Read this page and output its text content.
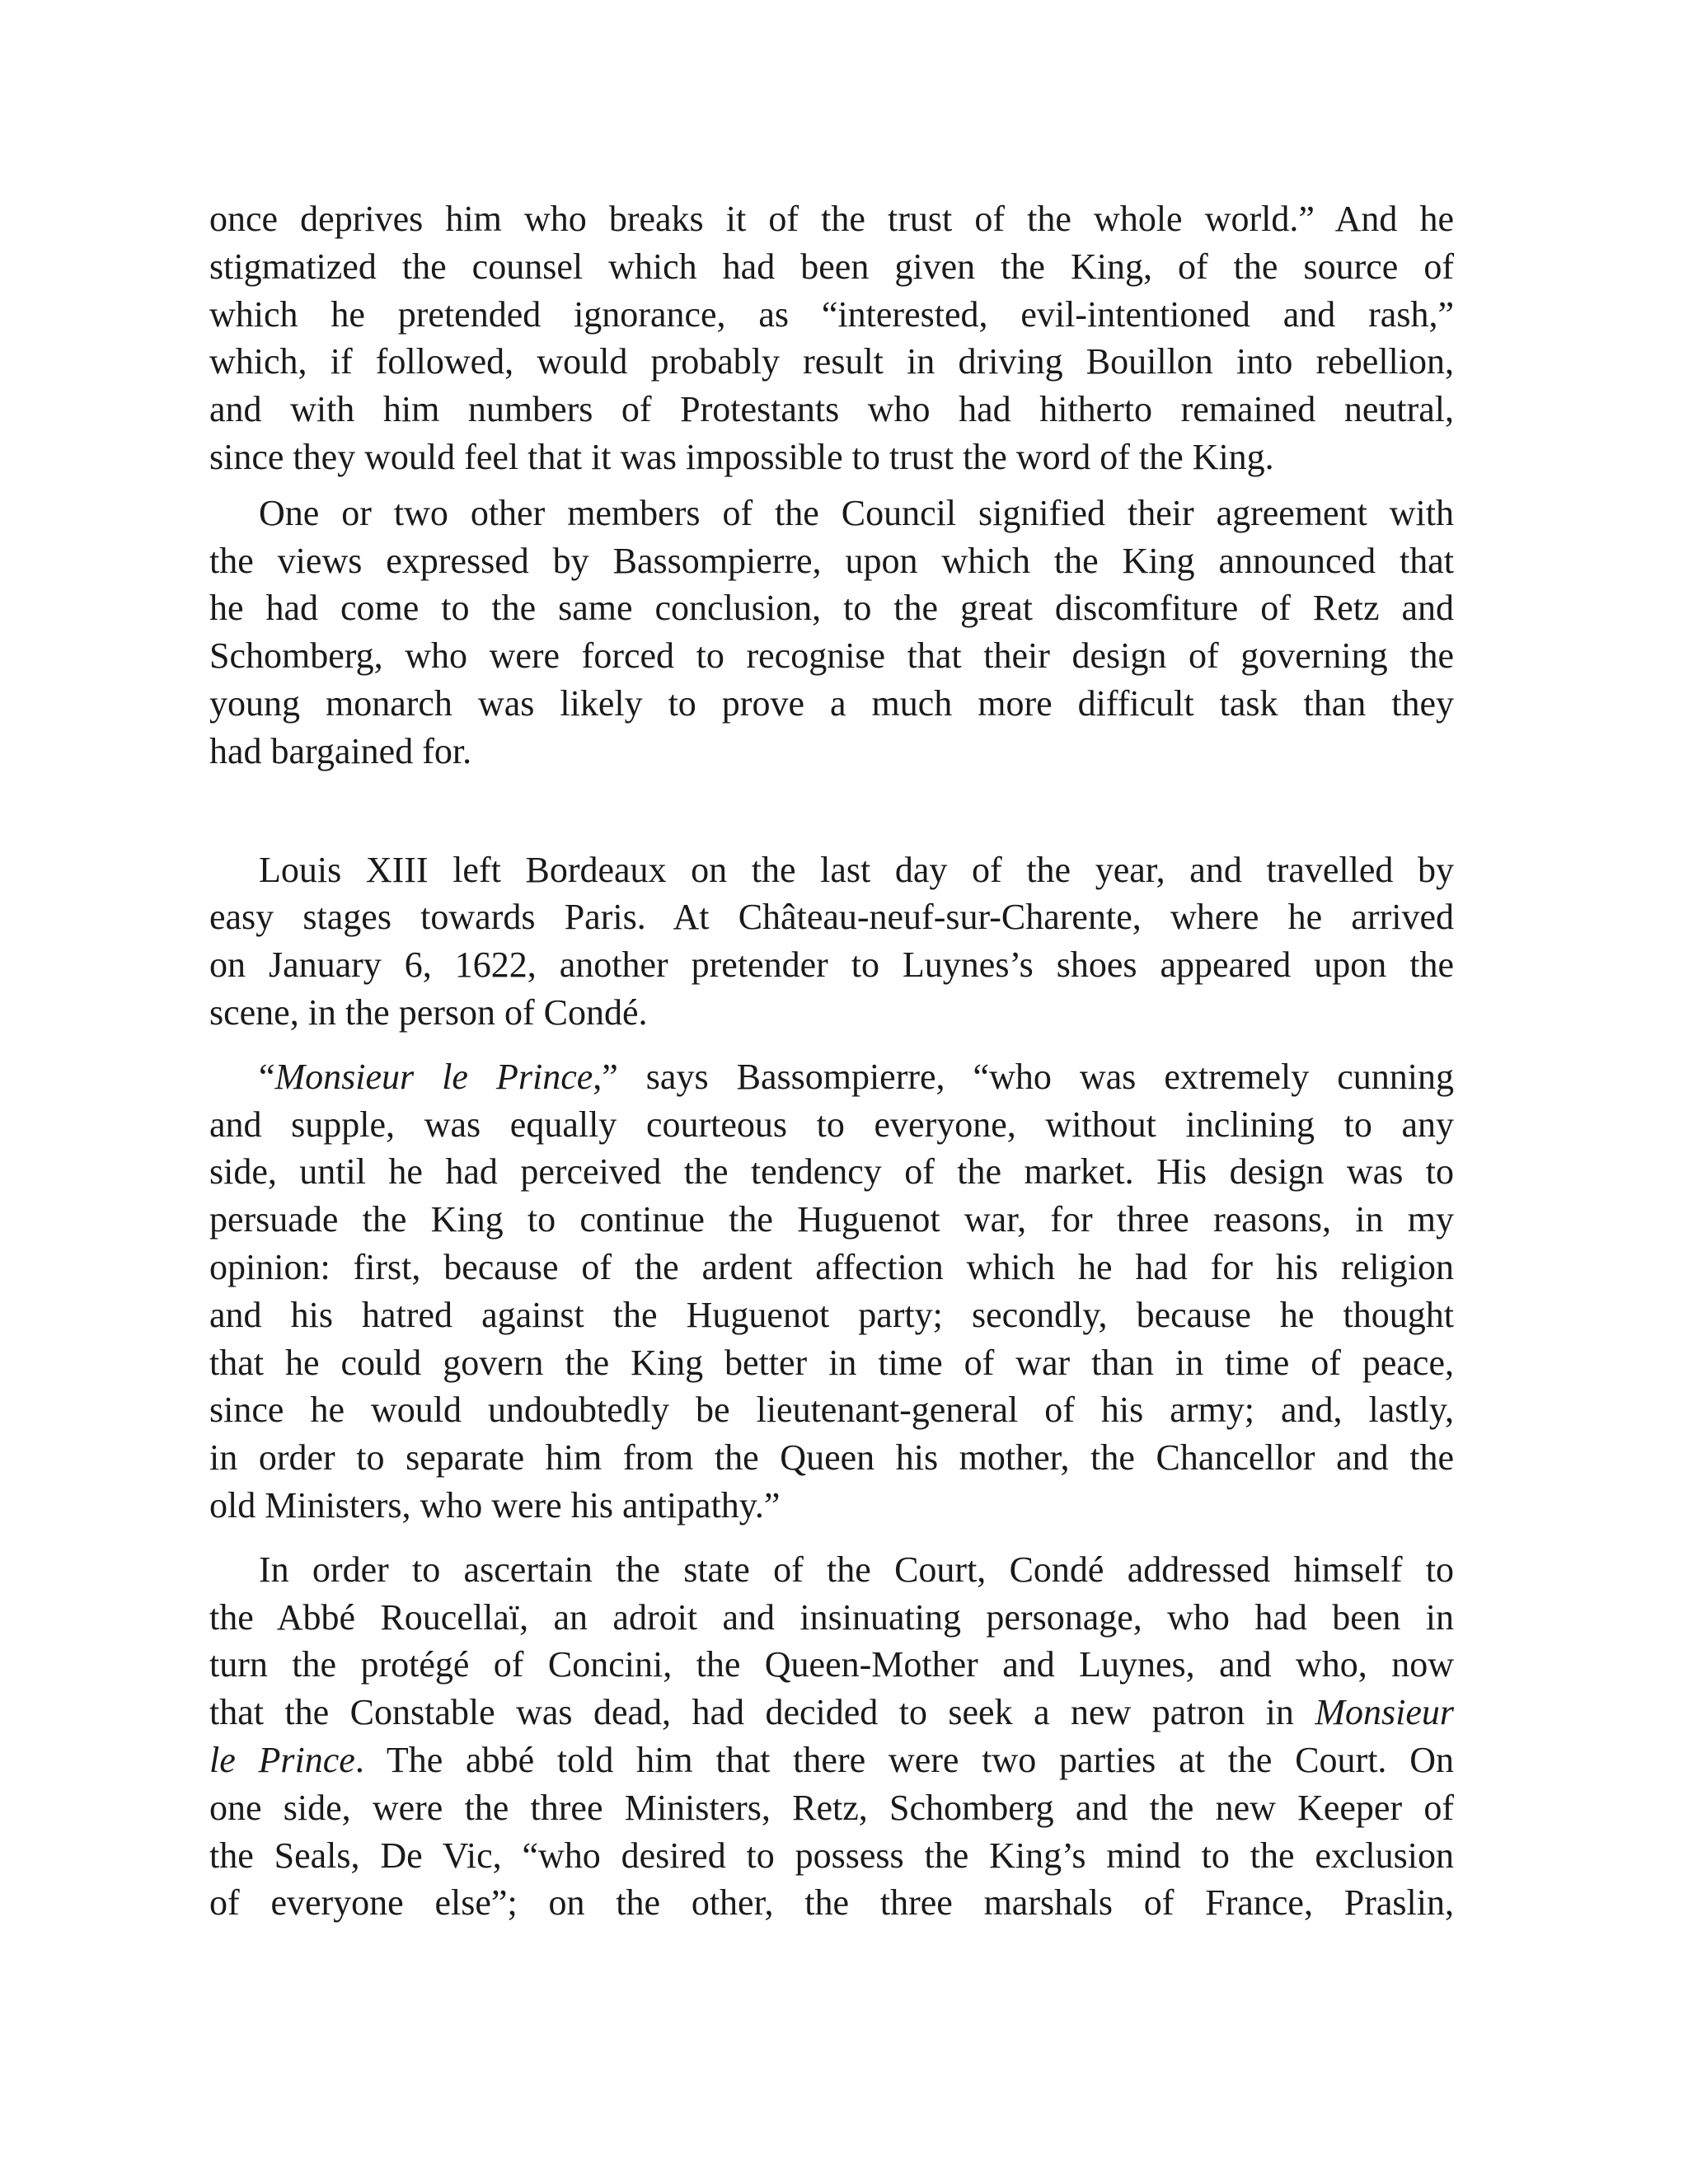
once deprives him who breaks it of the trust of the whole world.” And he
stigmatized the counsel which had been given the King, of the source of
which he pretended ignorance, as “interested, evil-intentioned and rash,”
which, if followed, would probably result in driving Bouillon into rebellion,
and with him numbers of Protestants who had hitherto remained neutral,
since they would feel that it was impossible to trust the word of the King.
One or two other members of the Council signified their agreement with
the views expressed by Bassompierre, upon which the King announced that
he had come to the same conclusion, to the great discomfiture of Retz and
Schomberg, who were forced to recognise that their design of governing the
young monarch was likely to prove a much more difficult task than they
had bargained for.
Louis XIII left Bordeaux on the last day of the year, and travelled by
easy stages towards Paris. At Château-neuf-sur-Charente, where he arrived
on January 6, 1622, another pretender to Luynes’s shoes appeared upon the
scene, in the person of Condé.
“Monsieur le Prince,” says Bassompierre, “who was extremely cunning
and supple, was equally courteous to everyone, without inclining to any
side, until he had perceived the tendency of the market. His design was to
persuade the King to continue the Huguenot war, for three reasons, in my
opinion: first, because of the ardent affection which he had for his religion
and his hatred against the Huguenot party; secondly, because he thought
that he could govern the King better in time of war than in time of peace,
since he would undoubtedly be lieutenant-general of his army; and, lastly,
in order to separate him from the Queen his mother, the Chancellor and the
old Ministers, who were his antipathy.”
In order to ascertain the state of the Court, Condé addressed himself to
the Abbé Roucellaï, an adroit and insinuating personage, who had been in
turn the protégé of Concini, the Queen-Mother and Luynes, and who, now
that the Constable was dead, had decided to seek a new patron in Monsieur
le Prince. The abbé told him that there were two parties at the Court. On
one side, were the three Ministers, Retz, Schomberg and the new Keeper of
the Seals, De Vic, “who desired to possess the King’s mind to the exclusion
of everyone else”; on the other, the three marshals of France, Praslin,
